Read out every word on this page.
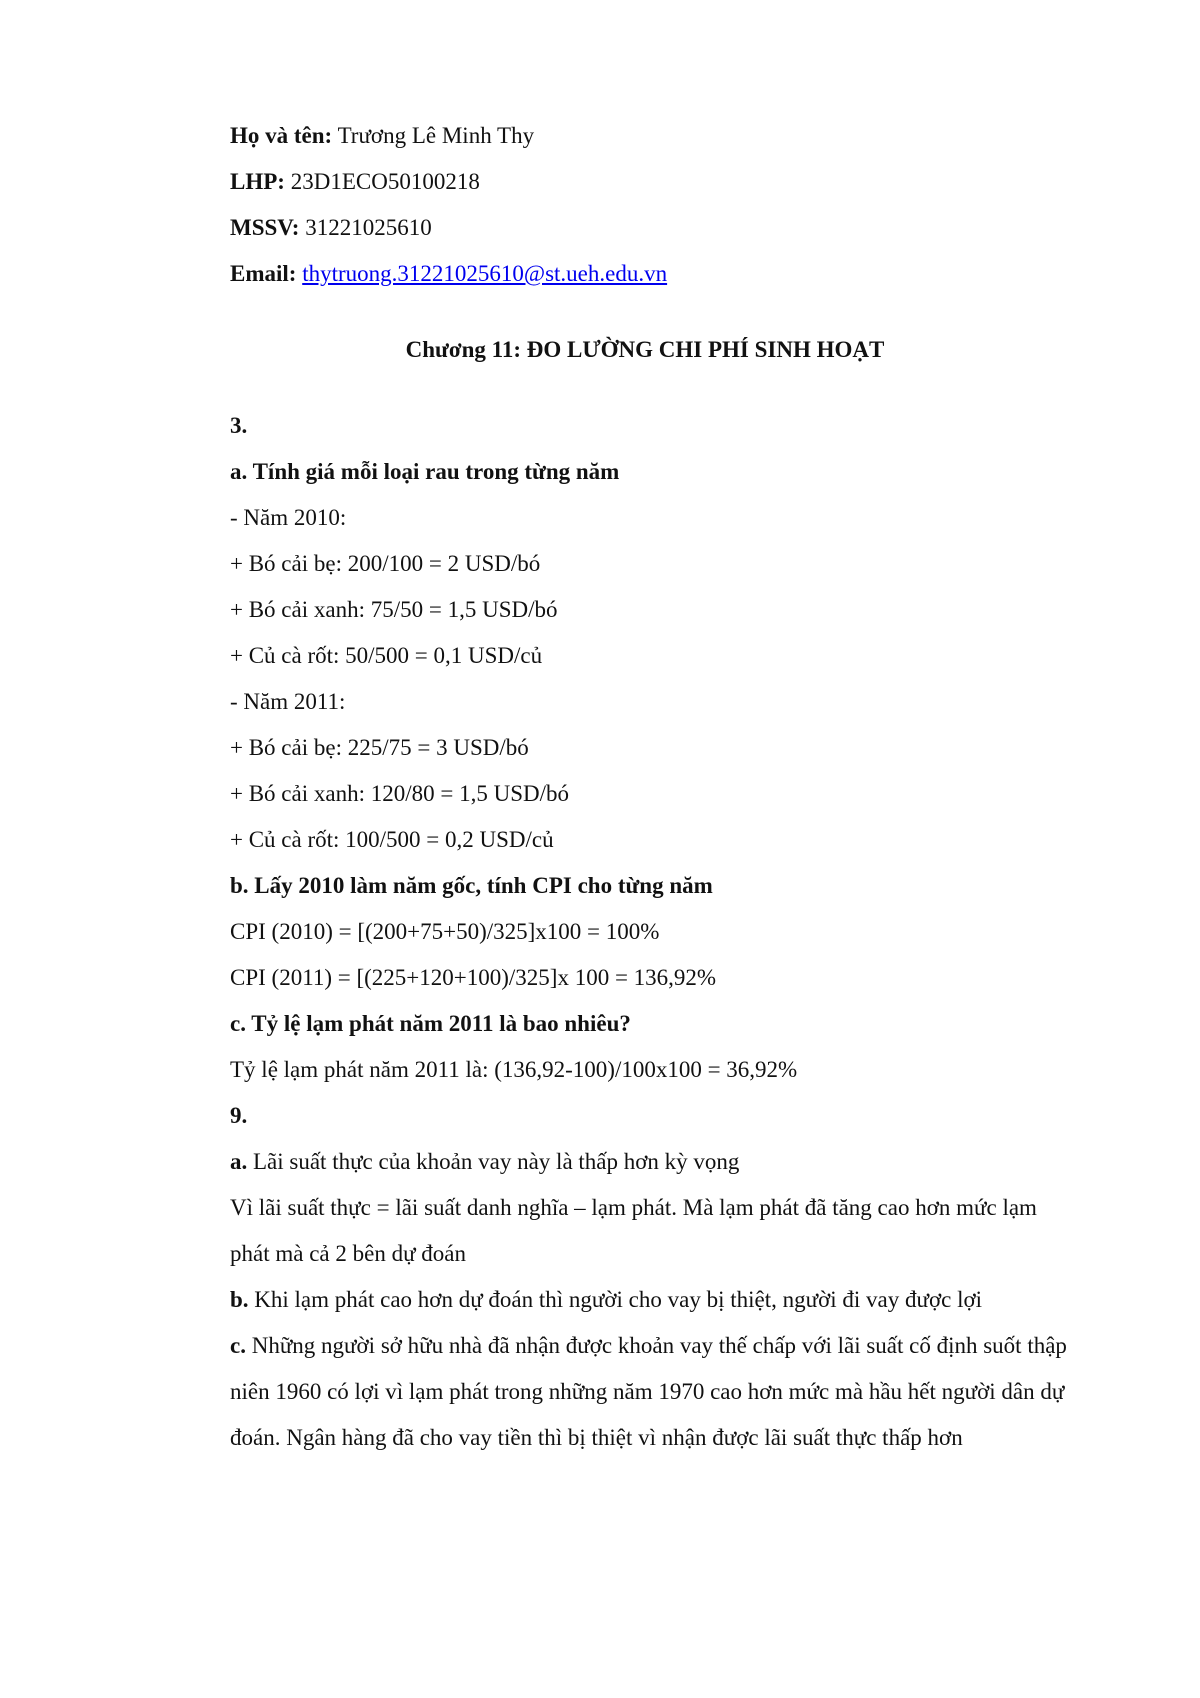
Họ và tên: Trương Lê Minh Thy
LHP: 23D1ECO50100218
MSSV: 31221025610
Email: thytruong.31221025610@st.ueh.edu.vn
Chương 11: ĐO LƯỜNG CHI PHÍ SINH HOẠT
3.
a. Tính giá mỗi loại rau trong từng năm
- Năm 2010:
+ Bó cải bẹ: 200/100 = 2 USD/bó
+ Bó cải xanh: 75/50 = 1,5 USD/bó
+ Củ cà rốt: 50/500 = 0,1 USD/củ
- Năm 2011:
+ Bó cải bẹ: 225/75 = 3 USD/bó
+ Bó cải xanh: 120/80 = 1,5 USD/bó
+ Củ cà rốt: 100/500 = 0,2 USD/củ
b. Lấy 2010 làm năm gốc, tính CPI cho từng năm
CPI (2010) = [(200+75+50)/325]x100 = 100%
CPI (2011) = [(225+120+100)/325]x 100 = 136,92%
c. Tỷ lệ lạm phát năm 2011 là bao nhiêu?
Tỷ lệ lạm phát năm 2011 là: (136,92-100)/100x100 = 36,92%
9.
a. Lãi suất thực của khoản vay này là thấp hơn kỳ vọng
Vì lãi suất thực = lãi suất danh nghĩa – lạm phát. Mà lạm phát đã tăng cao hơn mức lạm phát mà cả 2 bên dự đoán
b. Khi lạm phát cao hơn dự đoán thì người cho vay bị thiệt, người đi vay được lợi
c. Những người sở hữu nhà đã nhận được khoản vay thế chấp với lãi suất cố định suốt thập niên 1960 có lợi vì lạm phát trong những năm 1970 cao hơn mức mà hầu hết người dân dự đoán. Ngân hàng đã cho vay tiền thì bị thiệt vì nhận được lãi suất thực thấp hơn
